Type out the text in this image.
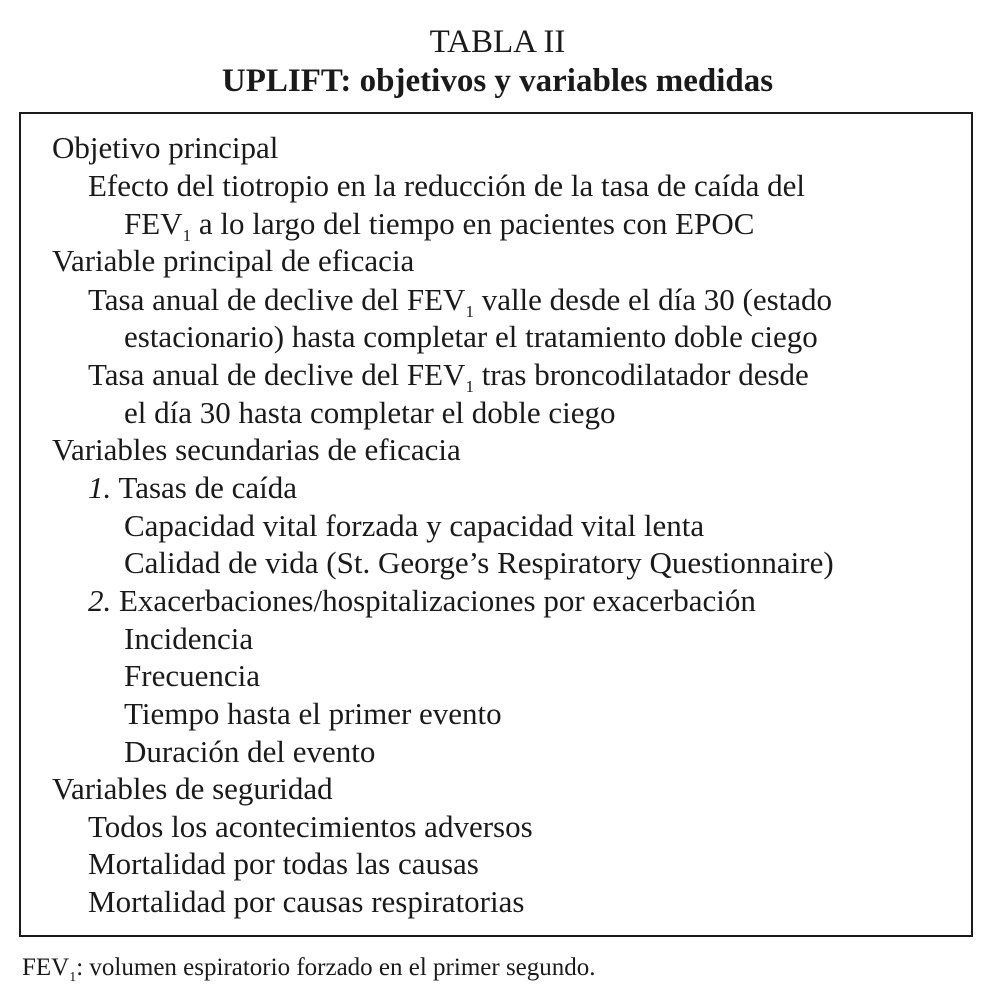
TABLA II
UPLIFT: objetivos y variables medidas
Objetivo principal
Efecto del tiotropio en la reducción de la tasa de caída del
$FEV_1$ a lo largo del tiempo en pacientes con EPOC
Variable principal de eficacia
Tasa anual de declive del $FEV_1$ valle desde el día 30 (estado
estacionario) hasta completar el tratamiento doble ciego
Tasa anual de declive del $FEV_1$ tras broncodilatador desde
el día 30 hasta completar el doble ciego
Variables secundarias de eficacia
1. Tasas de caída
Capacidad vital forzada y capacidad vital lenta
Calidad de vida (St. George’s Respiratory Questionnaire)
2. Exacerbaciones/hospitalizaciones por exacerbación
Incidencia
Frecuencia
Tiempo hasta el primer evento
Duración del evento
Variables de seguridad
Todos los acontecimientos adversos
Mortalidad por todas las causas
Mortalidad por causas respiratorias
$FEV_1$: volumen espiratorio forzado en el primer segundo.
